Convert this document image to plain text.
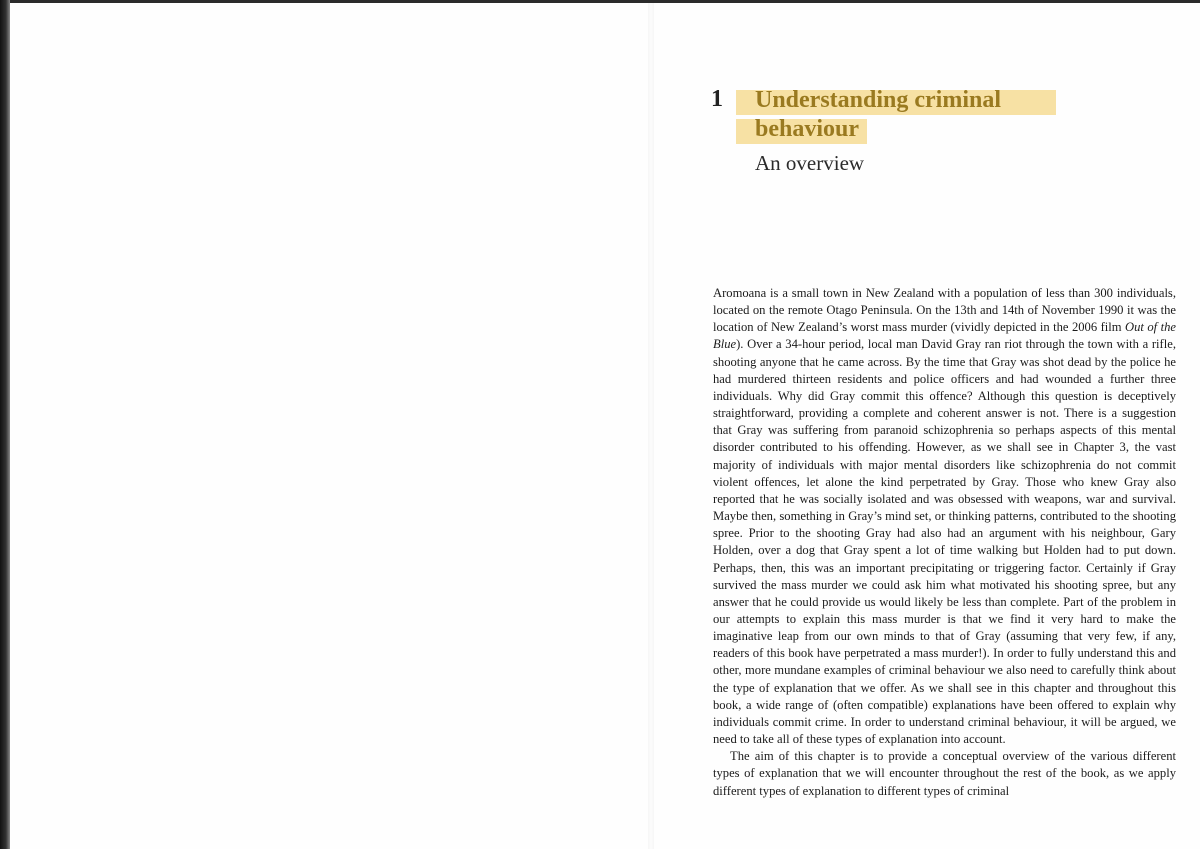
1 Understanding criminal behaviour
An overview

Aromoana is a small town in New Zealand with a population of less than 300 individuals, located on the remote Otago Peninsula. On the 13th and 14th of November 1990 it was the location of New Zealand’s worst mass murder (vividly depicted in the 2006 film Out of the Blue). Over a 34-hour period, local man David Gray ran riot through the town with a rifle, shooting anyone that he came across. By the time that Gray was shot dead by the police he had murdered thirteen residents and police officers and had wounded a further three individuals. Why did Gray commit this offence? Although this question is deceptively straightforward, providing a complete and coherent answer is not. There is a suggestion that Gray was suffering from paranoid schizophrenia so perhaps aspects of this mental disorder contributed to his offending. However, as we shall see in Chapter 3, the vast majority of individuals with major mental disorders like schizophrenia do not commit violent offences, let alone the kind perpetrated by Gray. Those who knew Gray also reported that he was socially isolated and was obsessed with weapons, war and survival. Maybe then, something in Gray’s mind set, or thinking patterns, contributed to the shooting spree. Prior to the shooting Gray had also had an argument with his neighbour, Gary Holden, over a dog that Gray spent a lot of time walking but Holden had to put down. Perhaps, then, this was an important precipitating or triggering factor. Certainly if Gray survived the mass murder we could ask him what motivated his shooting spree, but any answer that he could provide us would likely be less than complete. Part of the problem in our attempts to explain this mass murder is that we find it very hard to make the imaginative leap from our own minds to that of Gray (assuming that very few, if any, readers of this book have perpetrated a mass murder!). In order to fully understand this and other, more mundane examples of criminal behaviour we also need to carefully think about the type of explanation that we offer. As we shall see in this chapter and throughout this book, a wide range of (often compatible) explanations have been offered to explain why individuals commit crime. In order to understand criminal behaviour, it will be argued, we need to take all of these types of explanation into account.

The aim of this chapter is to provide a conceptual overview of the various different types of explanation that we will encounter throughout the rest of the book, as we apply different types of explanation to different types of criminal
